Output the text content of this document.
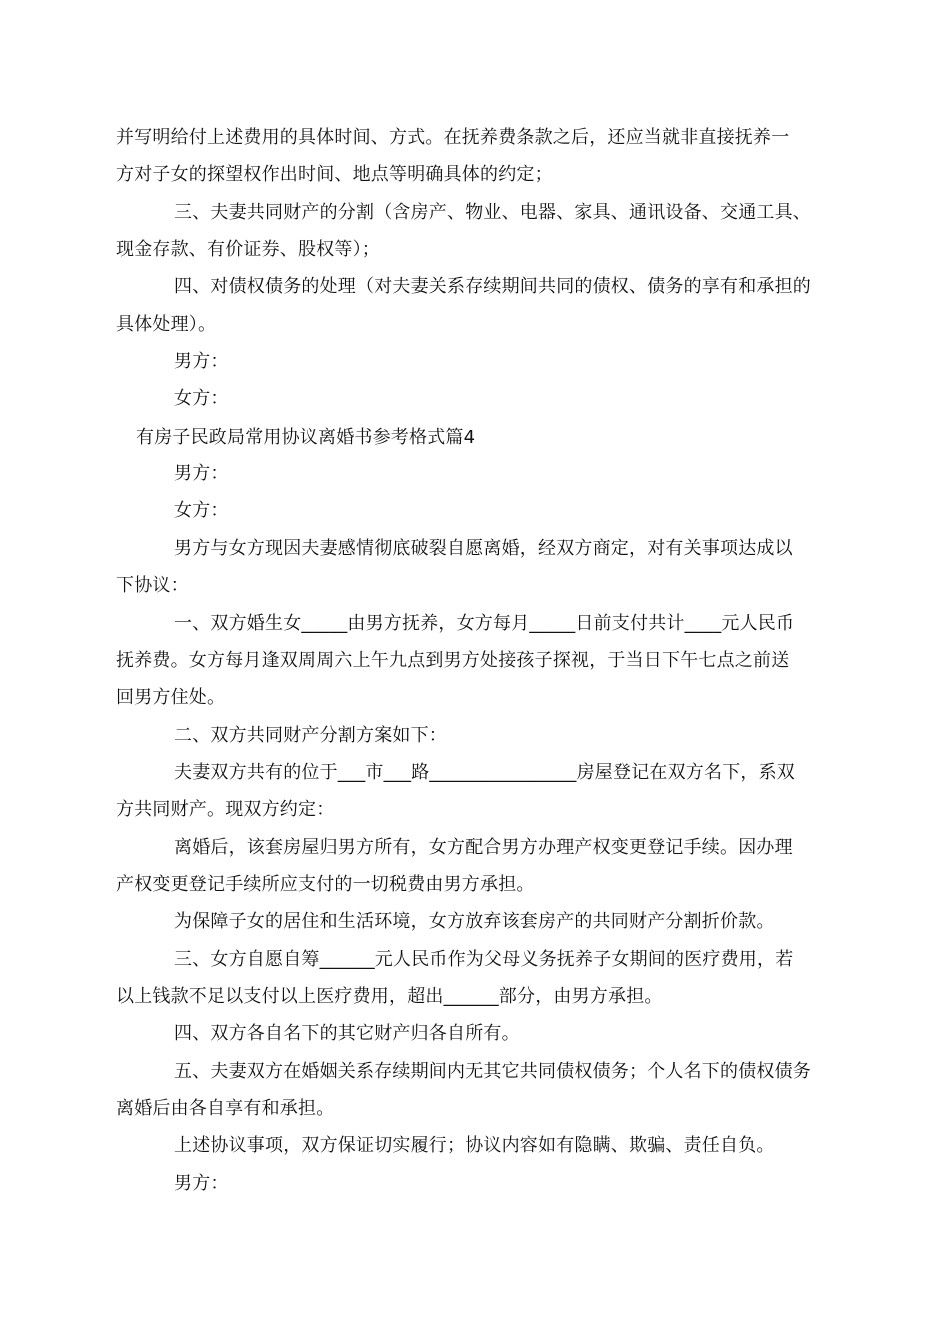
并写明给付上述费用的具体时间、方式。在抚养费条款之后，还应当就非直接抚养一
方对子女的探望权作出时间、地点等明确具体的约定；
三、夫妻共同财产的分割（含房产、物业、电器、家具、通讯设备、交通工具、
现金存款、有价证券、股权等）；
四、对债权债务的处理（对夫妻关系存续期间共同的债权、债务的享有和承担的
具体处理）。
男方：
女方：
有房子民政局常用协议离婚书参考格式篇4
男方：
女方：
男方与女方现因夫妻感情彻底破裂自愿离婚，经双方商定，对有关事项达成以
下协议：
一、双方婚生女_____由男方抚养，女方每月_____日前支付共计____元人民币
抚养费。女方每月逢双周周六上午九点到男方处接孩子探视，于当日下午七点之前送
回男方住处。
二、双方共同财产分割方案如下：
夫妻双方共有的位于___市___路________________房屋登记在双方名下，系双
方共同财产。现双方约定：
离婚后，该套房屋归男方所有，女方配合男方办理产权变更登记手续。因办理
产权变更登记手续所应支付的一切税费由男方承担。
为保障子女的居住和生活环境，女方放弃该套房产的共同财产分割折价款。
三、女方自愿自筹______元人民币作为父母义务抚养子女期间的医疗费用，若
以上钱款不足以支付以上医疗费用，超出______部分，由男方承担。
四、双方各自名下的其它财产归各自所有。
五、夫妻双方在婚姻关系存续期间内无其它共同债权债务；个人名下的债权债务
离婚后由各自享有和承担。
上述协议事项，双方保证切实履行；协议内容如有隐瞒、欺骗、责任自负。
男方：
